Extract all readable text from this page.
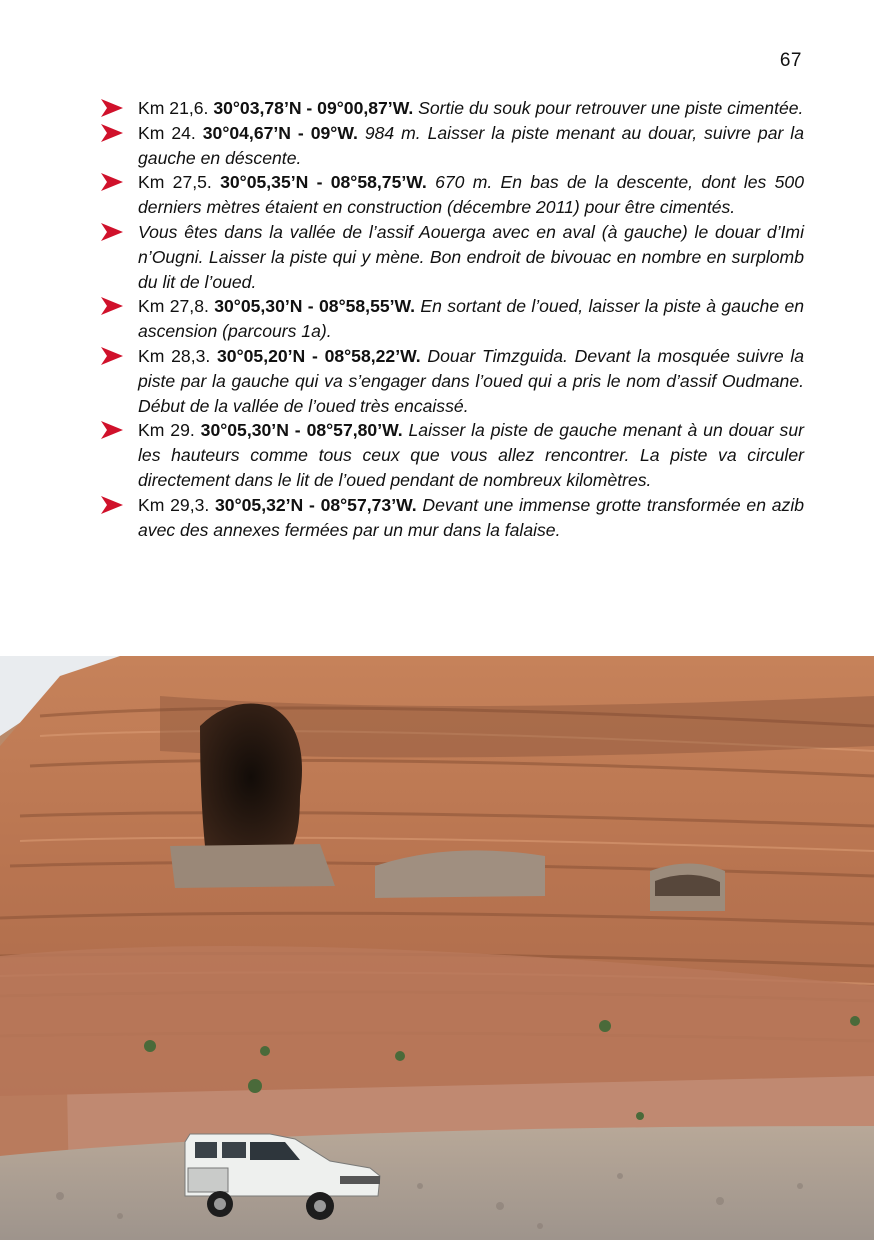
67
Km 21,6. 30°03,78’N - 09°00,87’W. Sortie du souk pour retrouver une piste cimentée.
Km 24. 30°04,67’N - 09°W. 984 m. Laisser la piste menant au douar, suivre par la gauche en déscente.
Km 27,5. 30°05,35’N - 08°58,75’W. 670 m. En bas de la descente, dont les 500 derniers mètres étaient en construction (décembre 2011) pour être cimentés.
Vous êtes dans la vallée de l’assif Aouerga avec en aval (à gauche) le douar d’Imi n’Ougni. Laisser la piste qui y mène. Bon endroit de bivouac en nombre en surplomb du lit de l’oued.
Km 27,8. 30°05,30’N - 08°58,55’W. En sortant de l’oued, laisser la piste à gauche en ascension (parcours 1a).
Km 28,3. 30°05,20’N - 08°58,22’W. Douar Timzguida. Devant la mosquée suivre la piste par la gauche qui va s’engager dans l’oued qui a pris le nom d’assif Oudmane. Début de la vallée de l’oued très encaissé.
Km 29. 30°05,30’N - 08°57,80’W. Laisser la piste de gauche menant à un douar sur les hauteurs comme tous ceux que vous allez rencontrer. La piste va circuler directement dans le lit de l’oued pendant de nombreux kilomètres.
Km 29,3. 30°05,32’N - 08°57,73’W. Devant une immense grotte transformée en azib avec des annexes fermées par un mur dans la falaise.
